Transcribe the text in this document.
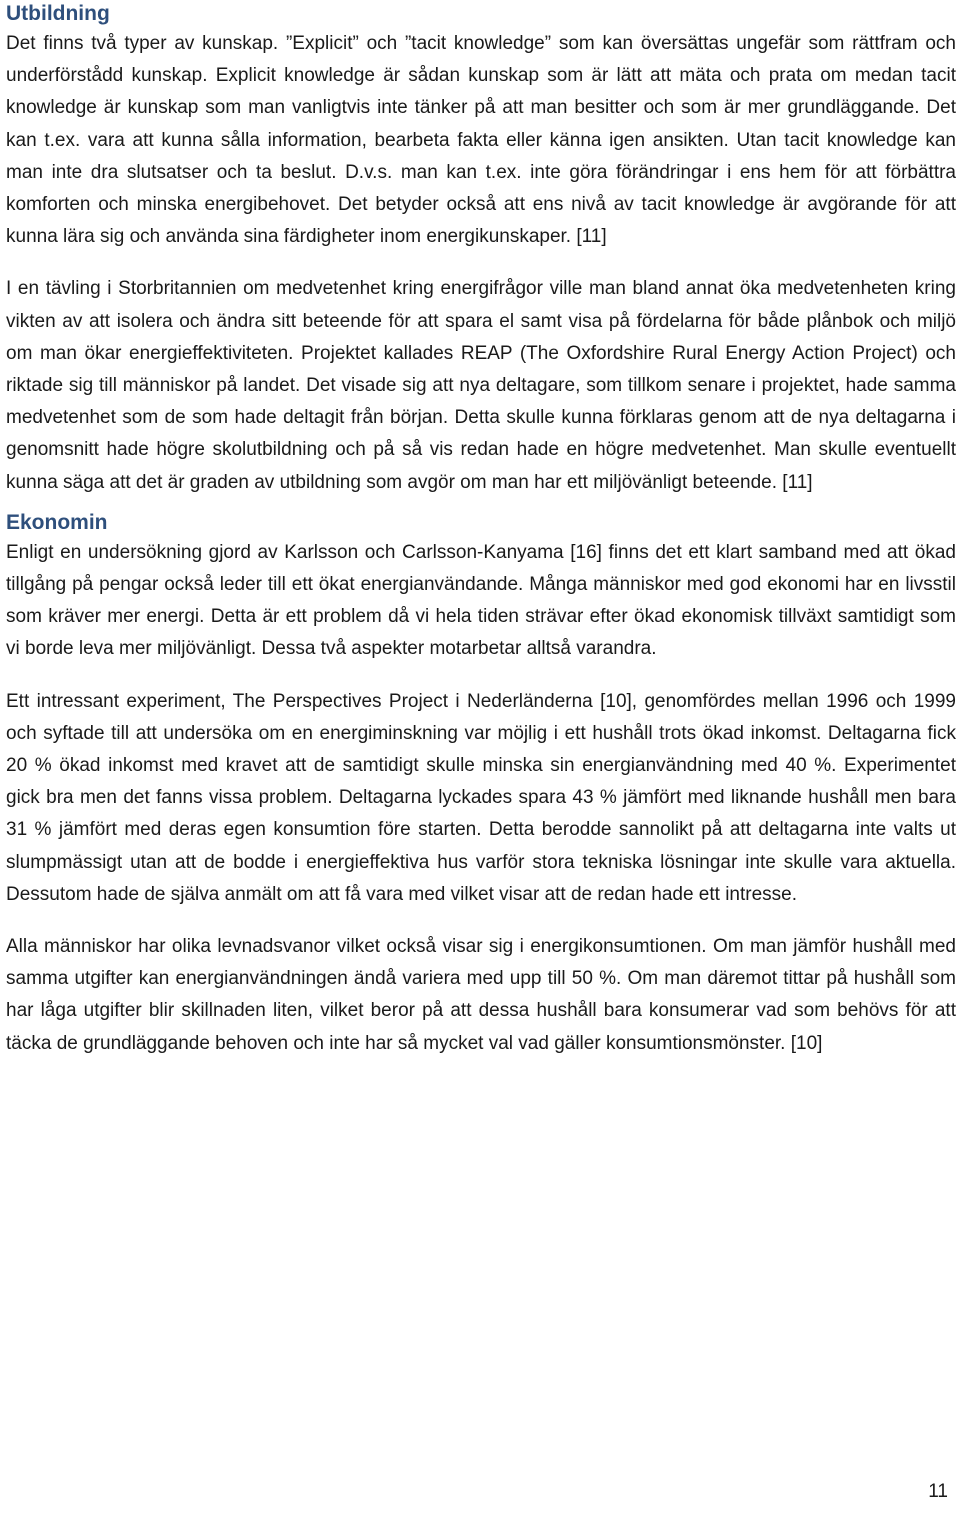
Utbildning

Det finns två typer av kunskap. ”Explicit” och ”tacit knowledge” som kan översättas ungefär som rättfram och underförstådd kunskap. Explicit knowledge är sådan kunskap som är lätt att mäta och prata om medan tacit knowledge är kunskap som man vanligtvis inte tänker på att man besitter och som är mer grundläggande. Det kan t.ex. vara att kunna sålla information, bearbeta fakta eller känna igen ansikten. Utan tacit knowledge kan man inte dra slutsatser och ta beslut. D.v.s. man kan t.ex. inte göra förändringar i ens hem för att förbättra komforten och minska energibehovet. Det betyder också att ens nivå av tacit knowledge är avgörande för att kunna lära sig och använda sina färdigheter inom energikunskaper. [11]

I en tävling i Storbritannien om medvetenhet kring energifrågor ville man bland annat öka medvetenheten kring vikten av att isolera och ändra sitt beteende för att spara el samt visa på fördelarna för både plånbok och miljö om man ökar energieffektiviteten. Projektet kallades REAP (The Oxfordshire Rural Energy Action Project) och riktade sig till människor på landet. Det visade sig att nya deltagare, som tillkom senare i projektet, hade samma medvetenhet som de som hade deltagit från början. Detta skulle kunna förklaras genom att de nya deltagarna i genomsnitt hade högre skolutbildning och på så vis redan hade en högre medvetenhet. Man skulle eventuellt kunna säga att det är graden av utbildning som avgör om man har ett miljövänligt beteende. [11]

Ekonomin

Enligt en undersökning gjord av Karlsson och Carlsson-Kanyama [16] finns det ett klart samband med att ökad tillgång på pengar också leder till ett ökat energianvändande. Många människor med god ekonomi har en livsstil som kräver mer energi. Detta är ett problem då vi hela tiden strävar efter ökad ekonomisk tillväxt samtidigt som vi borde leva mer miljövänligt. Dessa två aspekter motarbetar alltså varandra.

Ett intressant experiment, The Perspectives Project i Nederländerna [10], genomfördes mellan 1996 och 1999 och syftade till att undersöka om en energiminskning var möjlig i ett hushåll trots ökad inkomst. Deltagarna fick 20 % ökad inkomst med kravet att de samtidigt skulle minska sin energianvändning med 40 %. Experimentet gick bra men det fanns vissa problem. Deltagarna lyckades spara 43 % jämfört med liknande hushåll men bara 31 % jämfört med deras egen konsumtion före starten. Detta berodde sannolikt på att deltagarna inte valts ut slumpmässigt utan att de bodde i energieffektiva hus varför stora tekniska lösningar inte skulle vara aktuella. Dessutom hade de själva anmält om att få vara med vilket visar att de redan hade ett intresse.

Alla människor har olika levnadsvanor vilket också visar sig i energikonsumtionen. Om man jämför hushåll med samma utgifter kan energianvändningen ändå variera med upp till 50 %. Om man däremot tittar på hushåll som har låga utgifter blir skillnaden liten, vilket beror på att dessa hushåll bara konsumerar vad som behövs för att täcka de grundläggande behoven och inte har så mycket val vad gäller konsumtionsmönster. [10]

11
